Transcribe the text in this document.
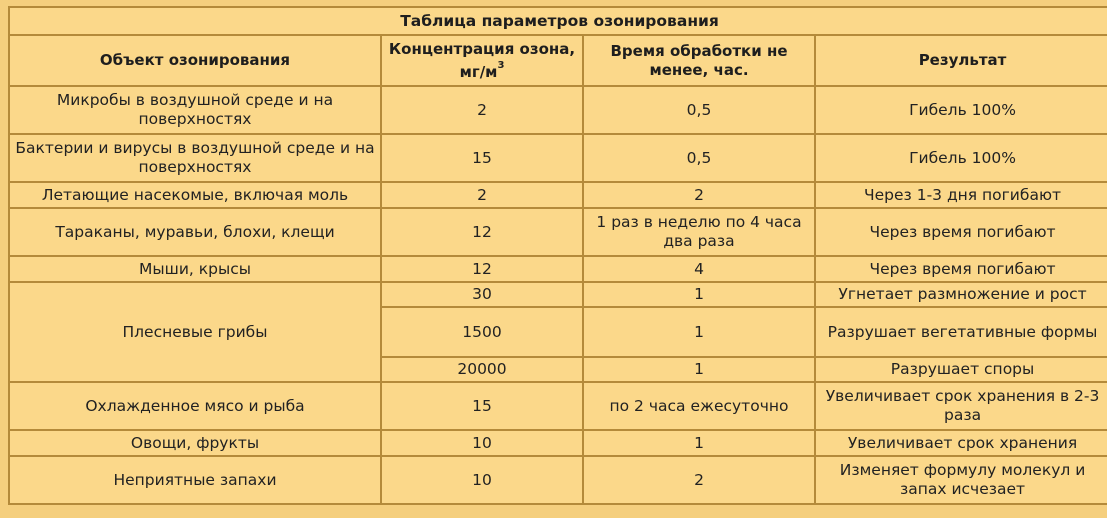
Таблица параметров озонирования			
Объект озонирования	Концентрация озона, $мг/м^3$	Время обработки не менее, час.	Результат
Микробы в воздушной среде и на поверхностях	2	0,5	Гибель 100%
Бактерии и вирусы в воздушной среде и на поверхностях	15	0,5	Гибель 100%
Летающие насекомые, включая моль	2	2	Через 1-3 дня погибают
Тараканы, муравьи, блохи, клещи	12	1 раз в неделю по 4 часа два раза	Через время погибают
Мыши, крысы	12	4	Через время погибают
Плесневые грибы	30	1	Угнетает размножение и рост
	1500	1	Разрушает вегетативные формы
	20000	1	Разрушает споры
Охлажденное мясо и рыба	15	по 2 часа ежесуточно	Увеличивает срок хранения в 2-3 раза
Овощи, фрукты	10	1	Увеличивает срок хранения
Неприятные запахи	10	2	Изменяет формулу молекул и запах исчезает
